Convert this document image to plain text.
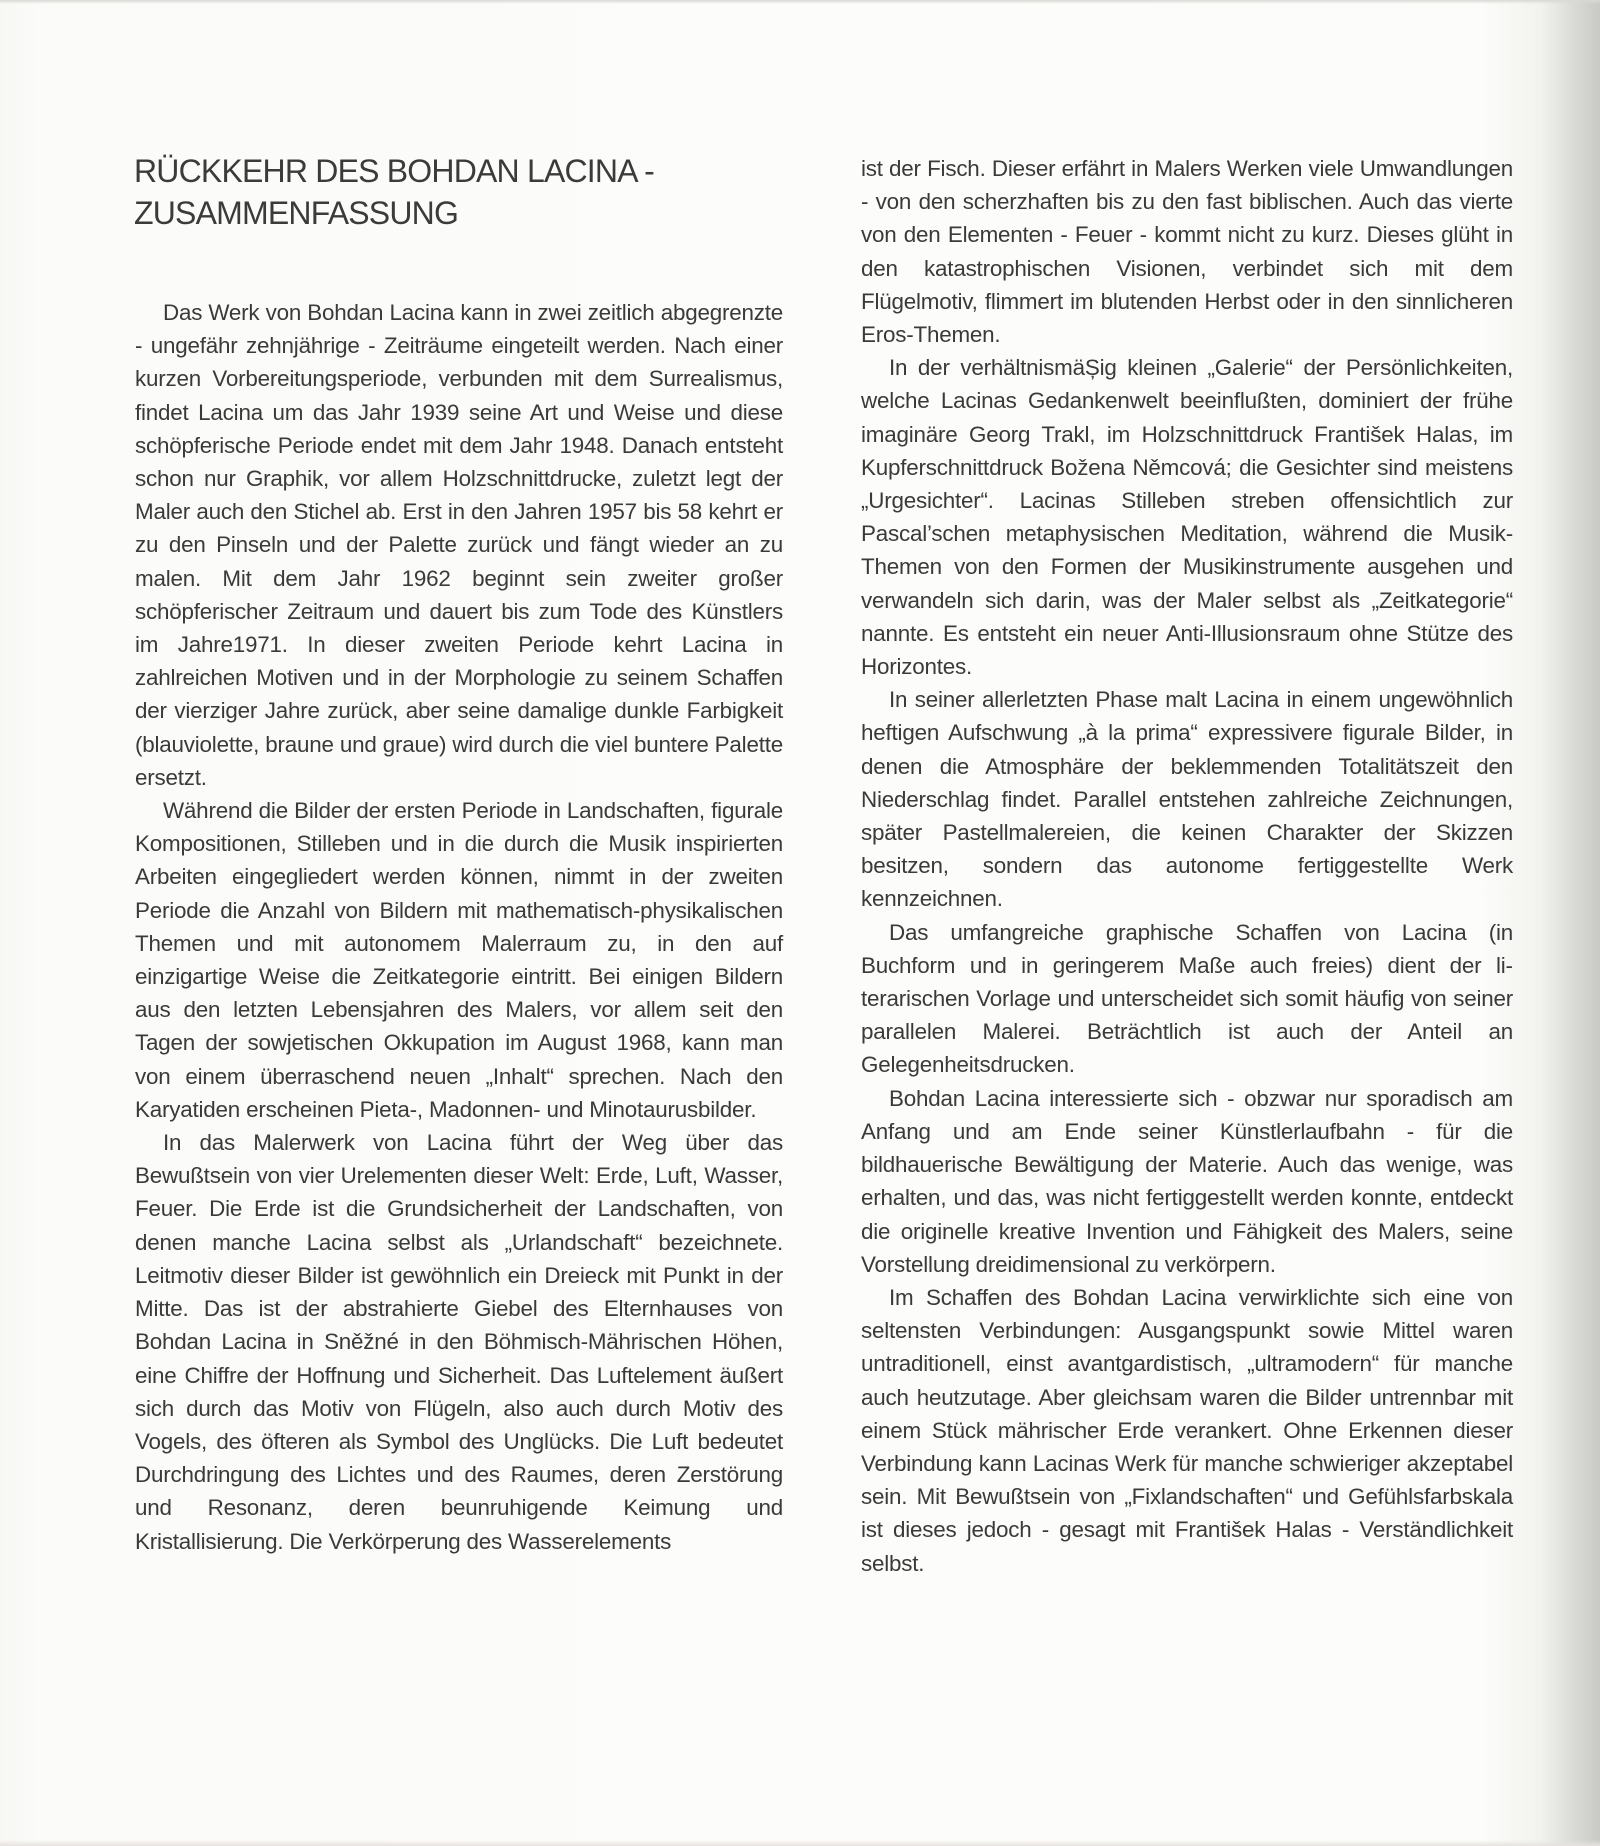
RÜCKKEHR DES BOHDAN LACINA -
ZUSAMMENFASSUNG

Das Werk von Bohdan Lacina kann in zwei zeitlich abgegrenzte - ungefähr zehnjährige - Zeiträume eingeteilt werden. Nach einer kurzen Vorbereitungsperiode, verbunden mit dem Surrealismus, findet Lacina um das Jahr 1939 seine Art und Weise und diese schöpferische Periode endet mit dem Jahr 1948. Danach entsteht schon nur Graphik, vor allem Holzschnittdrucke, zuletzt legt der Maler auch den Stichel ab. Erst in den Jahren 1957 bis 58 kehrt er zu den Pinseln und der Palette zurück und fängt wieder an zu malen. Mit dem Jahr 1962 beginnt sein zweiter großer schöpferischer Zeitraum und dauert bis zum Tode des Künstlers im Jahre1971. In dieser zweiten Periode kehrt Lacina in zahlreichen Motiven und in der Morphologie zu seinem Schaffen der vierziger Jahre zurück, aber seine damalige dunkle Farbigkeit (blauviolette, braune und graue) wird durch die viel buntere Palette ersetzt.

Während die Bilder der ersten Periode in Landschaften, figurale Kompositionen, Stilleben und in die durch die Musik inspirierten Arbeiten eingegliedert werden können, nimmt in der zweiten Periode die Anzahl von Bildern mit mathematisch-physikalischen Themen und mit autonomem Malerraum zu, in den auf einzigartige Weise die Zeitkategorie eintritt. Bei einigen Bildern aus den letzten Lebensjahren des Malers, vor allem seit den Tagen der sowjetischen Okkupation im August 1968, kann man von einem überraschend neuen „Inhalt“ sprechen. Nach den Karyatiden erscheinen Pieta-, Madonnen- und Minotaurusbilder.

In das Malerwerk von Lacina führt der Weg über das Bewußtsein von vier Urelementen dieser Welt: Erde, Luft, Wasser, Feuer. Die Erde ist die Grundsicherheit der Landschaften, von denen manche Lacina selbst als „Urlandschaft“ bezeichnete. Leitmotiv dieser Bilder ist gewöhnlich ein Dreieck mit Punkt in der Mitte. Das ist der abstrahierte Giebel des Elternhauses von Bohdan Lacina in Sněžné in den Böhmisch-Mährischen Höhen, eine Chiffre der Hoffnung und Sicherheit. Das Luftelement äußert sich durch das Motiv von Flügeln, also auch durch Motiv des Vogels, des öfteren als Symbol des Unglücks. Die Luft bedeutet Durchdringung des Lichtes und des Raumes, deren Zerstörung und Resonanz, deren beunruhigende Keimung und Kristallisierung. Die Verkörperung des Wasserelements

ist der Fisch. Dieser erfährt in Malers Werken viele Umwandlungen - von den scherzhaften bis zu den fast biblischen. Auch das vierte von den Elementen - Feuer - kommt nicht zu kurz. Dieses glüht in den katastrophischen Visionen, verbindet sich mit dem Flügelmotiv, flimmert im blutenden Herbst oder in den sinnlicheren Eros-Themen.

In der verhältnismäȘig kleinen „Galerie“ der Persönlichkeiten, welche Lacinas Gedankenwelt beeinflußten, dominiert der frühe imaginäre Georg Trakl, im Holzschnittdruck František Halas, im Kupferschnittdruck Božena Němcová; die Gesichter sind meistens „Urgesichter“. Lacinas Stilleben streben offensichtlich zur Pascal’schen metaphysischen Meditation, während die Musik-Themen von den Formen der Musikinstrumente ausgehen und verwandeln sich darin, was der Maler selbst als „Zeitkategorie“ nannte. Es entsteht ein neuer Anti-Illusionsraum ohne Stütze des Horizontes.

In seiner allerletzten Phase malt Lacina in einem ungewöhnlich heftigen Aufschwung „à la prima“ expressivere figurale Bilder, in denen die Atmosphäre der beklemmenden Totalitätszeit den Niederschlag findet. Parallel entstehen zahlreiche Zeichnungen, später Pastellmalereien, die keinen Charakter der Skizzen besitzen, sondern das autonome fertiggestellte Werk kennzeichnen.

Das umfangreiche graphische Schaffen von Lacina (in Buchform und in geringerem Maße auch freies) dient der literarischen Vorlage und unterscheidet sich somit häufig von seiner parallelen Malerei. Beträchtlich ist auch der Anteil an Gelegenheitsdrucken.

Bohdan Lacina interessierte sich - obzwar nur sporadisch am Anfang und am Ende seiner Künstlerlaufbahn - für die bildhauerische Bewältigung der Materie. Auch das wenige, was erhalten, und das, was nicht fertiggestellt werden konnte, entdeckt die originelle kreative Invention und Fähigkeit des Malers, seine Vorstellung dreidimensional zu verkörpern.

Im Schaffen des Bohdan Lacina verwirklichte sich eine von seltensten Verbindungen: Ausgangspunkt sowie Mittel waren untraditionell, einst avantgardistisch, „ultramodern“ für manche auch heutzutage. Aber gleichsam waren die Bilder untrennbar mit einem Stück mährischer Erde verankert. Ohne Erkennen dieser Verbindung kann Lacinas Werk für manche schwieriger akzeptabel sein. Mit Bewußtsein von „Fixlandschaften“ und Gefühlsfarbskala ist dieses jedoch - gesagt mit František Halas - Verständlichkeit selbst.
